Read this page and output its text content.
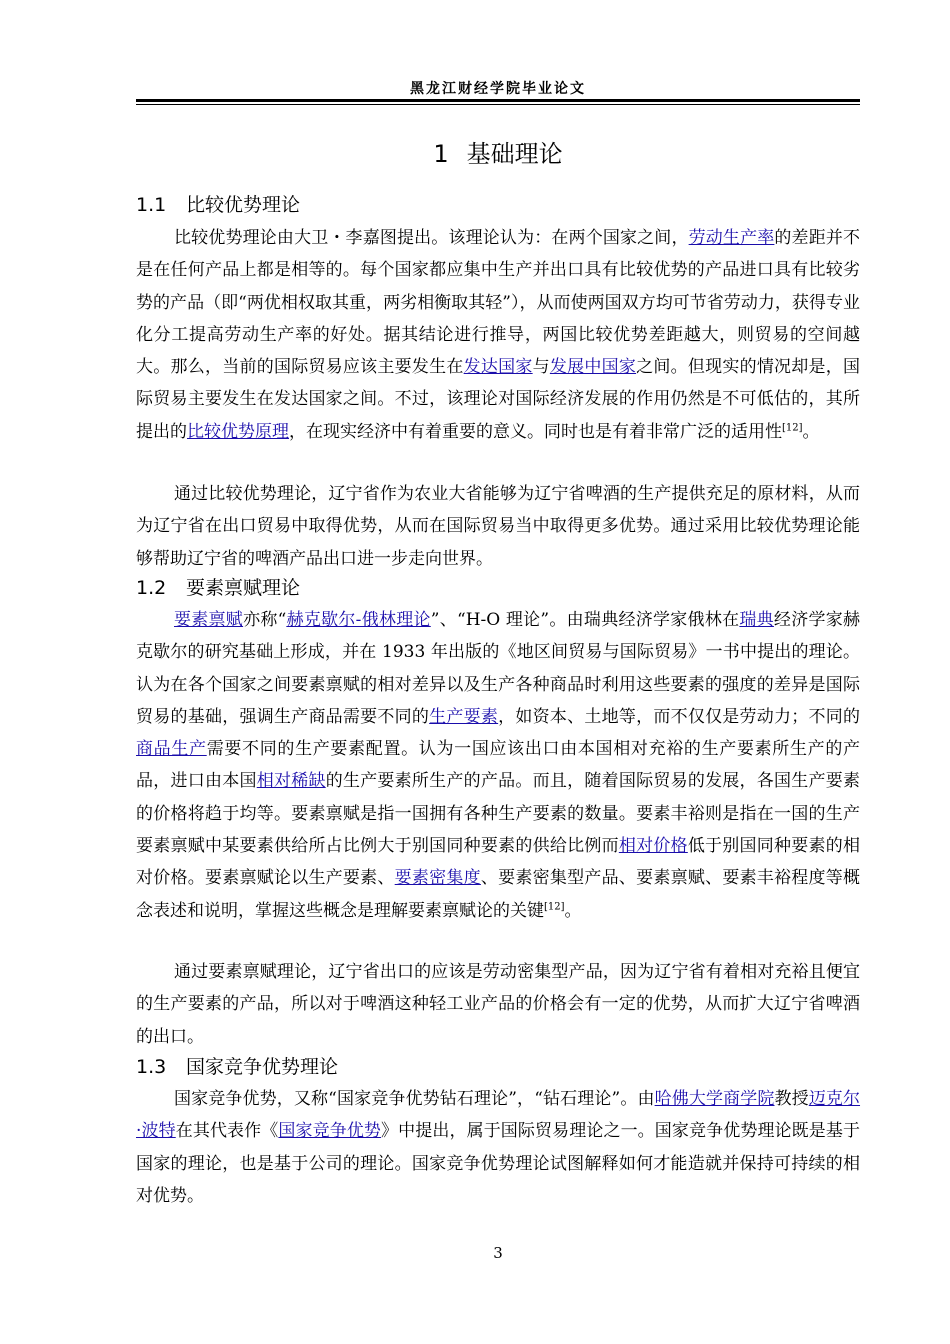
黑龙江财经学院毕业论文
1 基础理论
1.1 比较优势理论
比较优势理论由大卫・李嘉图提出。该理论认为：在两个国家之间，劳动生产率的差距并不是在任何产品上都是相等的。每个国家都应集中生产并出口具有比较优势的产品进口具有比较劣势的产品（即“两优相权取其重，两劣相衡取其轻”），从而使两国双方均可节省劳动力，获得专业化分工提高劳动生产率的好处。据其结论进行推导，两国比较优势差距越大，则贸易的空间越大。那么，当前的国际贸易应该主要发生在发达国家与发展中国家之间。但现实的情况却是，国际贸易主要发生在发达国家之间。不过，该理论对国际经济发展的作用仍然是不可低估的，其所提出的比较优势原理，在现实经济中有着重要的意义。同时也是有着非常广泛的适用性[12]。
通过比较优势理论，辽宁省作为农业大省能够为辽宁省啤酒的生产提供充足的原材料，从而为辽宁省在出口贸易中取得优势，从而在国际贸易当中取得更多优势。通过采用比较优势理论能够帮助辽宁省的啤酒产品出口进一步走向世界。
1.2 要素禀赋理论
要素禀赋亦称“赫克歇尔-俄林理论”、“H-O 理论”。由瑞典经济学家俄林在瑞典经济学家赫克歇尔的研究基础上形成，并在 1933 年出版的《地区间贸易与国际贸易》一书中提出的理论。认为在各个国家之间要素禀赋的相对差异以及生产各种商品时利用这些要素的强度的差异是国际贸易的基础，强调生产商品需要不同的生产要素，如资本、土地等，而不仅仅是劳动力；不同的商品生产需要不同的生产要素配置。认为一国应该出口由本国相对充裕的生产要素所生产的产品，进口由本国相对稀缺的生产要素所生产的产品。而且，随着国际贸易的发展，各国生产要素的价格将趋于均等。要素禀赋是指一国拥有各种生产要素的数量。要素丰裕则是指在一国的生产要素禀赋中某要素供给所占比例大于别国同种要素的供给比例而相对价格低于别国同种要素的相对价格。要素禀赋论以生产要素、要素密集度、要素密集型产品、要素禀赋、要素丰裕程度等概念表述和说明，掌握这些概念是理解要素禀赋论的关键[12]。
通过要素禀赋理论，辽宁省出口的应该是劳动密集型产品，因为辽宁省有着相对充裕且便宜的生产要素的产品，所以对于啤酒这种轻工业产品的价格会有一定的优势，从而扩大辽宁省啤酒的出口。
1.3 国家竞争优势理论
国家竞争优势，又称“国家竞争优势钻石理论”，“钻石理论”。由哈佛大学商学院教授迈克尔·波特在其代表作《国家竞争优势》中提出，属于国际贸易理论之一。国家竞争优势理论既是基于国家的理论，也是基于公司的理论。国家竞争优势理论试图解释如何才能造就并保持可持续的相对优势。
3
